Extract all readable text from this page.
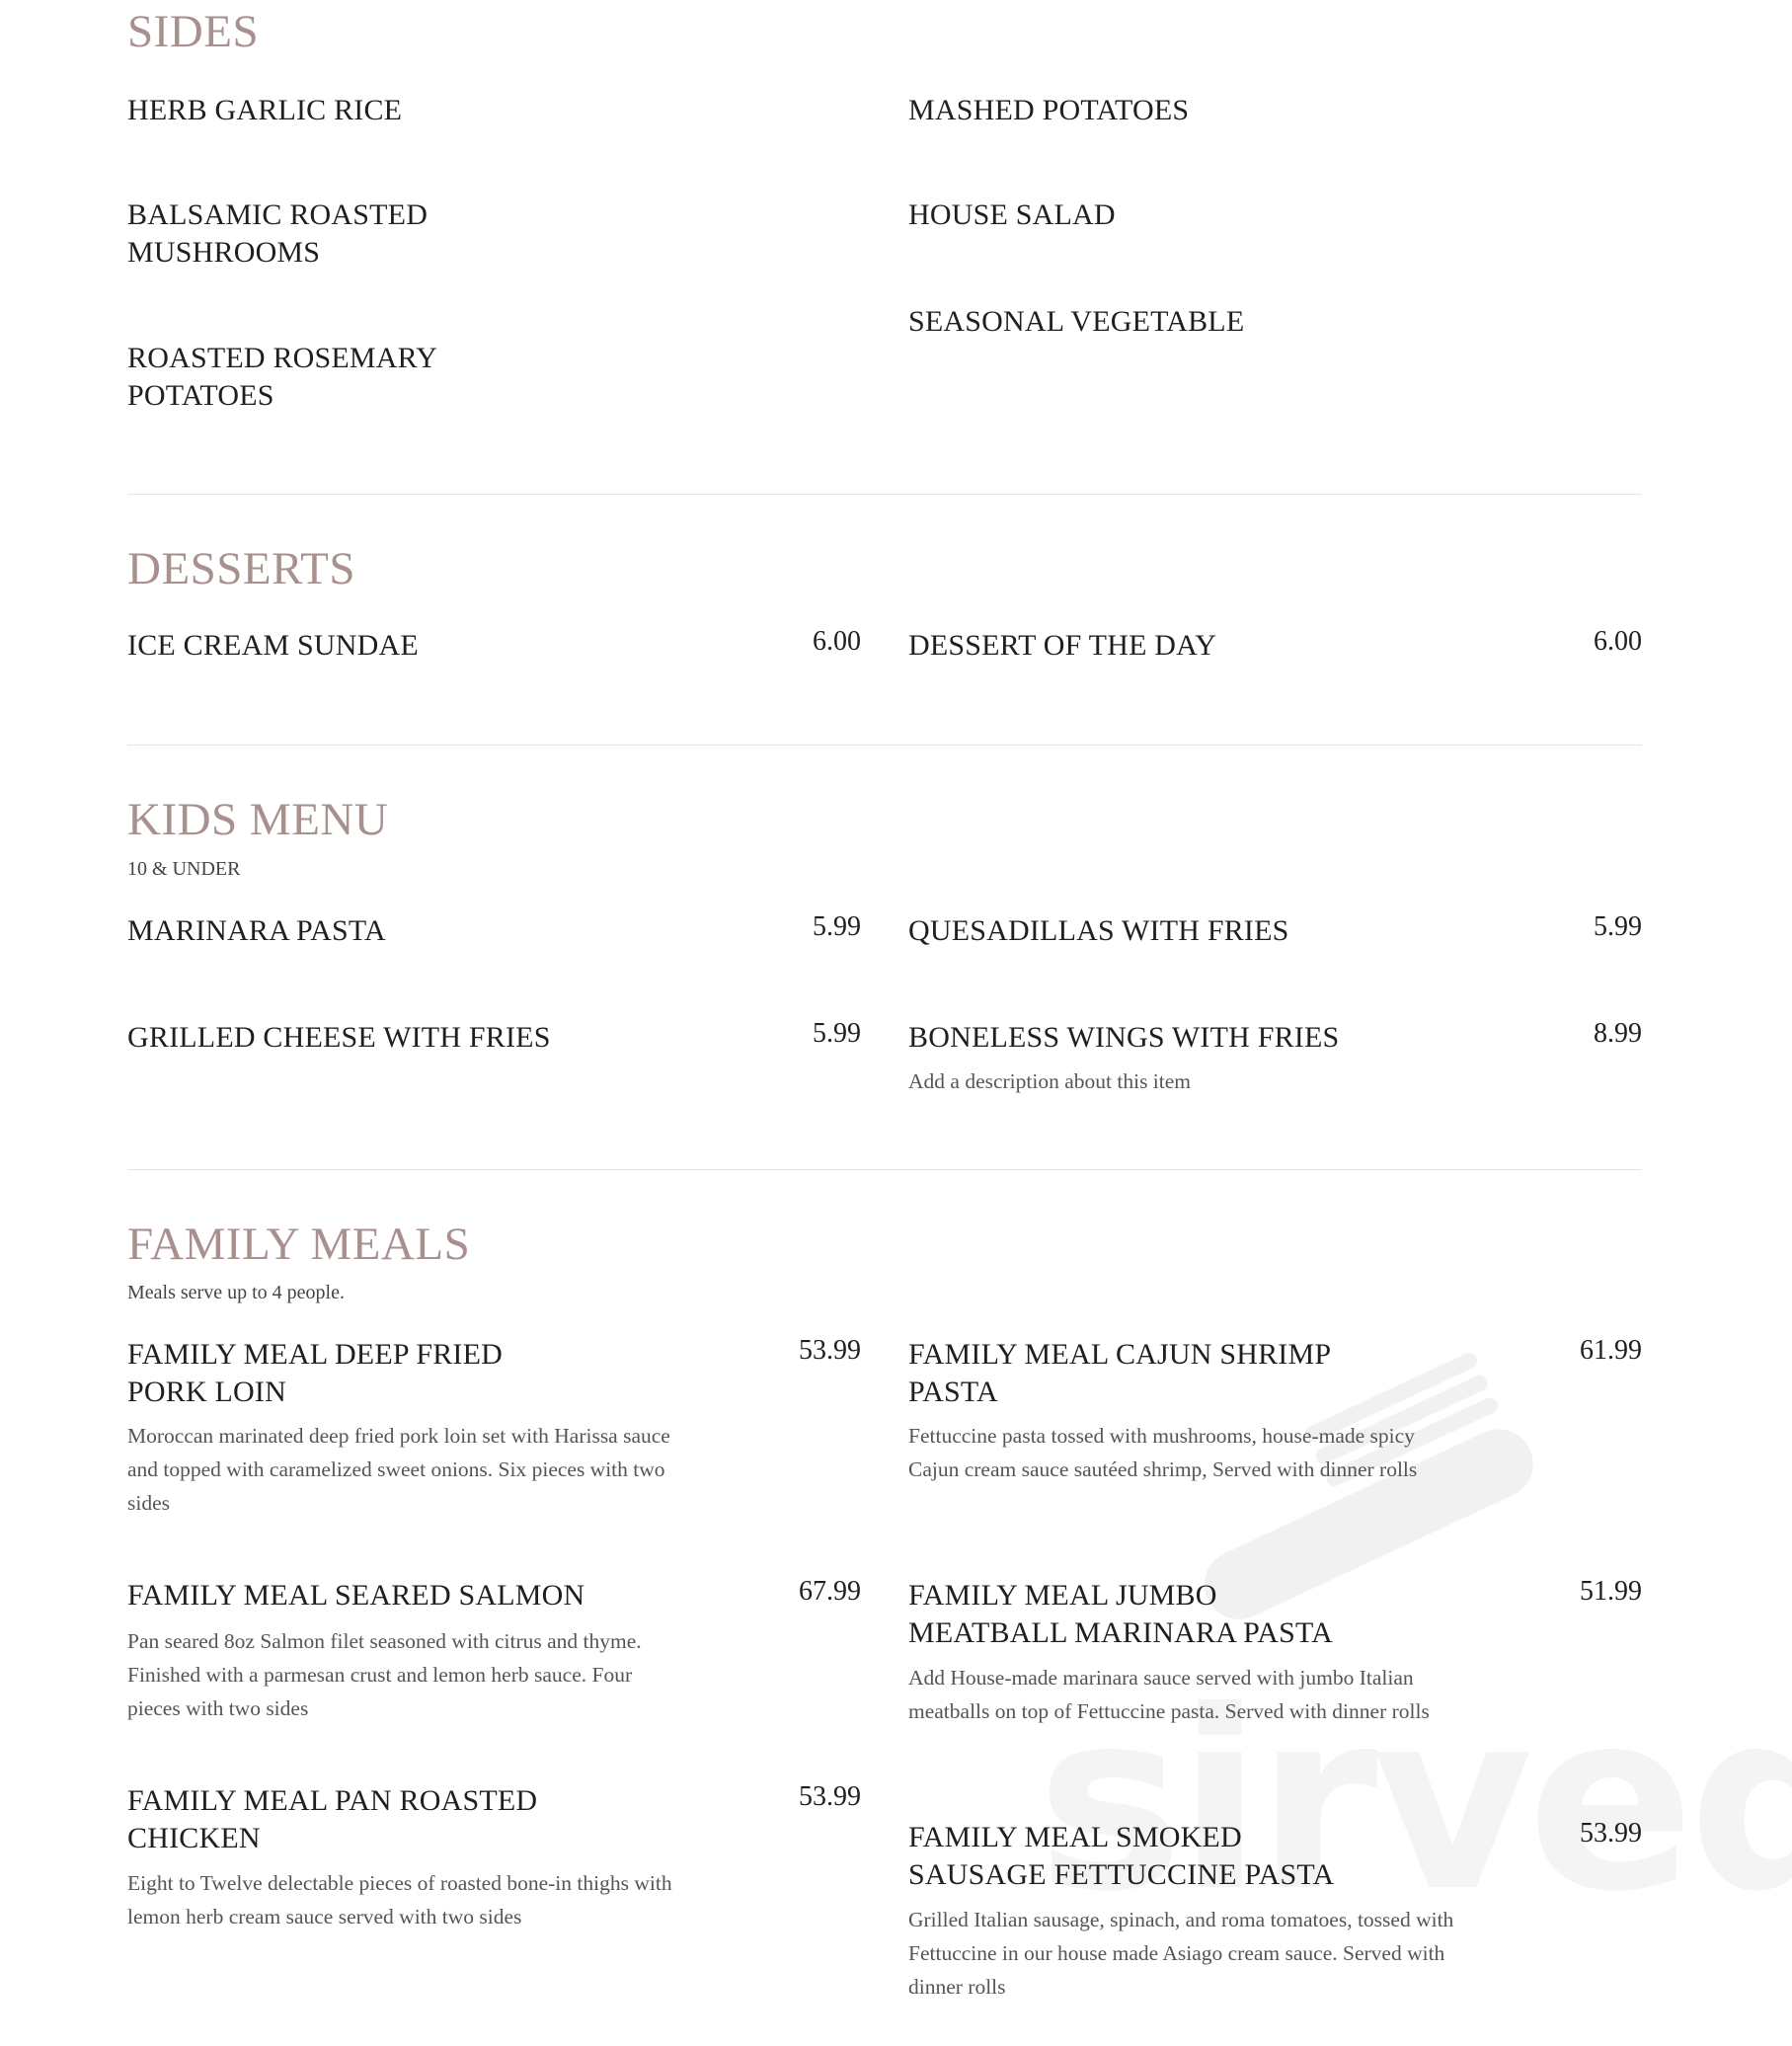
SIDES
HERB GARLIC RICE
BALSAMIC ROASTED MUSHROOMS
ROASTED ROSEMARY POTATOES
MASHED POTATOES
HOUSE SALAD
SEASONAL VEGETABLE
DESSERTS
ICE CREAM SUNDAE	6.00 DESSERT OF THE DAY	6.00
KIDS MENU
10 & UNDER
MARINARA PASTA	5.99 QUESADILLAS WITH FRIES	5.99
GRILLED CHEESE WITH FRIES	5.99 BONELESS WINGS WITH FRIES	8.99
Add a description about this item
FAMILY MEALS
Meals serve up to 4 people.
FAMILY MEAL DEEP FRIED PORK LOIN
53.99
Moroccan marinated deep fried pork loin set with Harissa sauce and topped with caramelized sweet onions. Six pieces with two sides
FAMILY MEAL CAJUN SHRIMP PASTA
61.99
Fettuccine pasta tossed with mushrooms, house-made spicy Cajun cream sauce sautéed shrimp, Served with dinner rolls
FAMILY MEAL SEARED SALMON	67.99
Pan seared 8oz Salmon filet seasoned with citrus and thyme. Finished with a parmesan crust and lemon herb sauce. Four pieces with two sides
FAMILY MEAL JUMBO MEATBALL MARINARA PASTA
51.99
Add House-made marinara sauce served with jumbo Italian meatballs on top of Fettuccine pasta. Served with dinner rolls
FAMILY MEAL PAN ROASTED CHICKEN
53.99
Eight to Twelve delectable pieces of roasted bone-in thighs with lemon herb cream sauce served with two sides
FAMILY MEAL SMOKED SAUSAGE FETTUCCINE PASTA
53.99
Grilled Italian sausage, spinach, and roma tomatoes, tossed with Fettuccine in our house made Asiago cream sauce. Served with dinner rolls
